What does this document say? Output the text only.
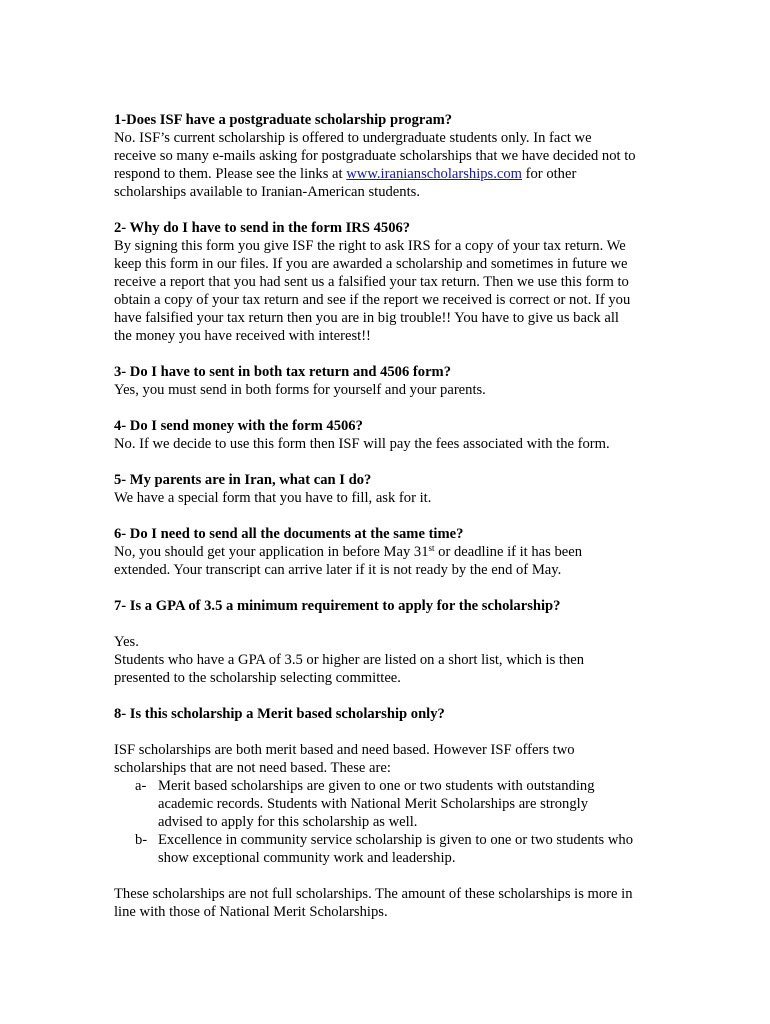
1-Does ISF have a postgraduate scholarship program?

No. ISF’s current scholarship is offered to undergraduate students only. In fact we

receive so many e-mails asking for postgraduate scholarships that we have decided not to

respond to them. Please see the links at www.iranianscholarships.com for other

scholarships available to Iranian-American students.

2- Why do I have to send in the form IRS 4506?

By signing this form you give ISF the right to ask IRS for a copy of your tax return. We

keep this form in our files. If you are awarded a scholarship and sometimes in future we

receive a report that you had sent us a falsified your tax return. Then we use this form to

obtain a copy of your tax return and see if the report we received is correct or not. If you

have falsified your tax return then you are in big trouble!! You have to give us back all

the money you have received with interest!!

3- Do I have to sent in both tax return and 4506 form?

Yes, you must send in both forms for yourself and your parents.

4- Do I send money with the form 4506?

No. If we decide to use this form then ISF will pay the fees associated with the form.

5- My parents are in Iran, what can I do?

We have a special form that you have to fill, ask for it.

6- Do I need to send all the documents at the same time?

No, you should get your application in before May 31st or deadline if it has been

extended. Your transcript can arrive later if it is not ready by the end of May.

7- Is a GPA of 3.5 a minimum requirement to apply for the scholarship?

Yes.

Students who have a GPA of 3.5 or higher are listed on a short list, which is then

presented to the scholarship selecting committee.

8- Is this scholarship a Merit based scholarship only?

ISF scholarships are both merit based and need based. However ISF offers two

scholarships that are not need based. These are:

a- Merit based scholarships are given to one or two students with outstanding

academic records. Students with National Merit Scholarships are strongly

advised to apply for this scholarship as well.

b- Excellence in community service scholarship is given to one or two students who

show exceptional community work and leadership.

These scholarships are not full scholarships. The amount of these scholarships is more in

line with those of National Merit Scholarships.
